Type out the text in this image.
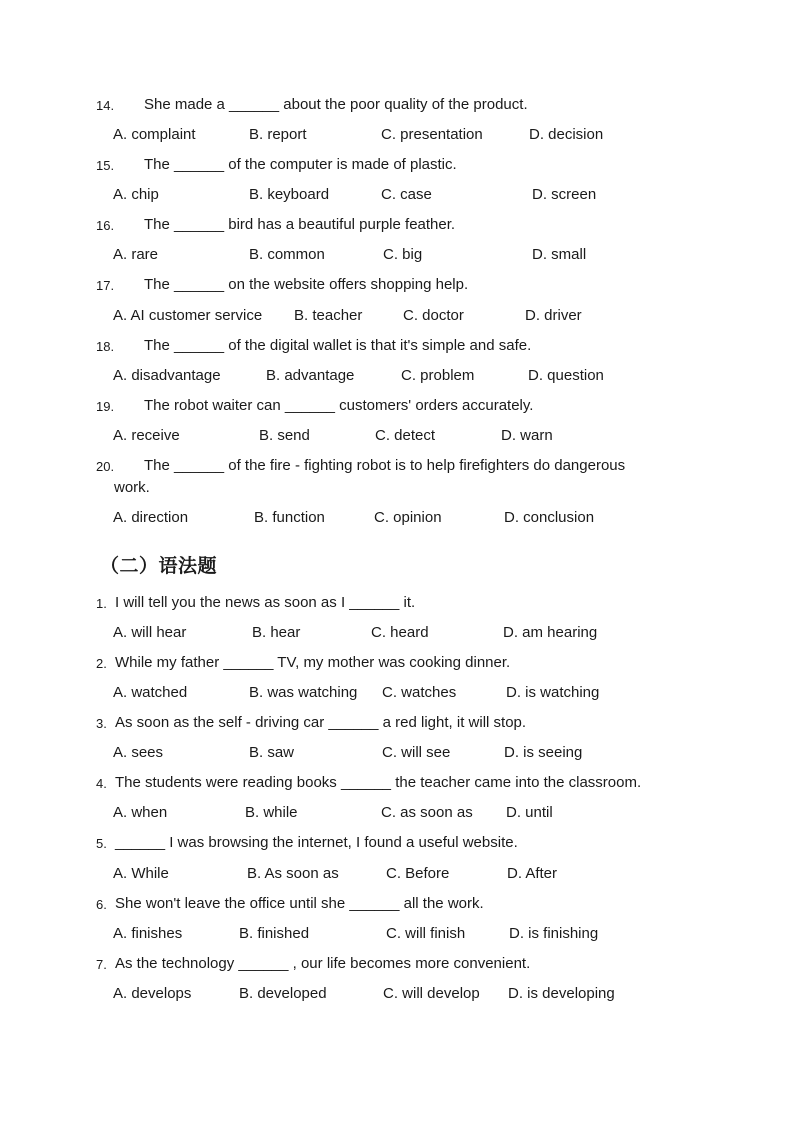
14. She made a ______ about the poor quality of the product.
A. complaint	B. report	C. presentation	D. decision
15. The ______ of the computer is made of plastic.
A. chip	B. keyboard	C. case	D. screen
16. The ______ bird has a beautiful purple feather.
A. rare	B. common	C. big	D. small
17. The ______ on the website offers shopping help.
A. AI customer service B. teacher	C. doctor	D. driver
18. The ______ of the digital wallet is that it's simple and safe.
A. disadvantage	B. advantage	C. problem	D. question
19. The robot waiter can ______ customers' orders accurately.
A. receive	B. send	C. detect	D. warn
20. The ______ of the fire - fighting robot is to help firefighters do dangerous
work.
A. direction	B. function	C. opinion	D. conclusion
（二）语法题
1. I will tell you the news as soon as I ______ it.
A. will hear	B. hear	C. heard	D. am hearing
2. While my father ______ TV, my mother was cooking dinner.
A. watched	B. was watching C. watches	D. is watching
3. As soon as the self - driving car ______ a red light, it will stop.
A. sees	B. saw	C. will see	D. is seeing
4. The students were reading books ______ the teacher came into the classroom.
A. when	B. while	C. as soon as D. until
5. ______ I was browsing the internet, I found a useful website.
A. While	B. As soon as	C. Before	D. After
6. She won't leave the office until she ______ all the work.
A. finishes	B. finished	C. will finish	D. is finishing
7. As the technology ______ , our life becomes more convenient.
A. develops	B. developed	C. will develop D. is developing
